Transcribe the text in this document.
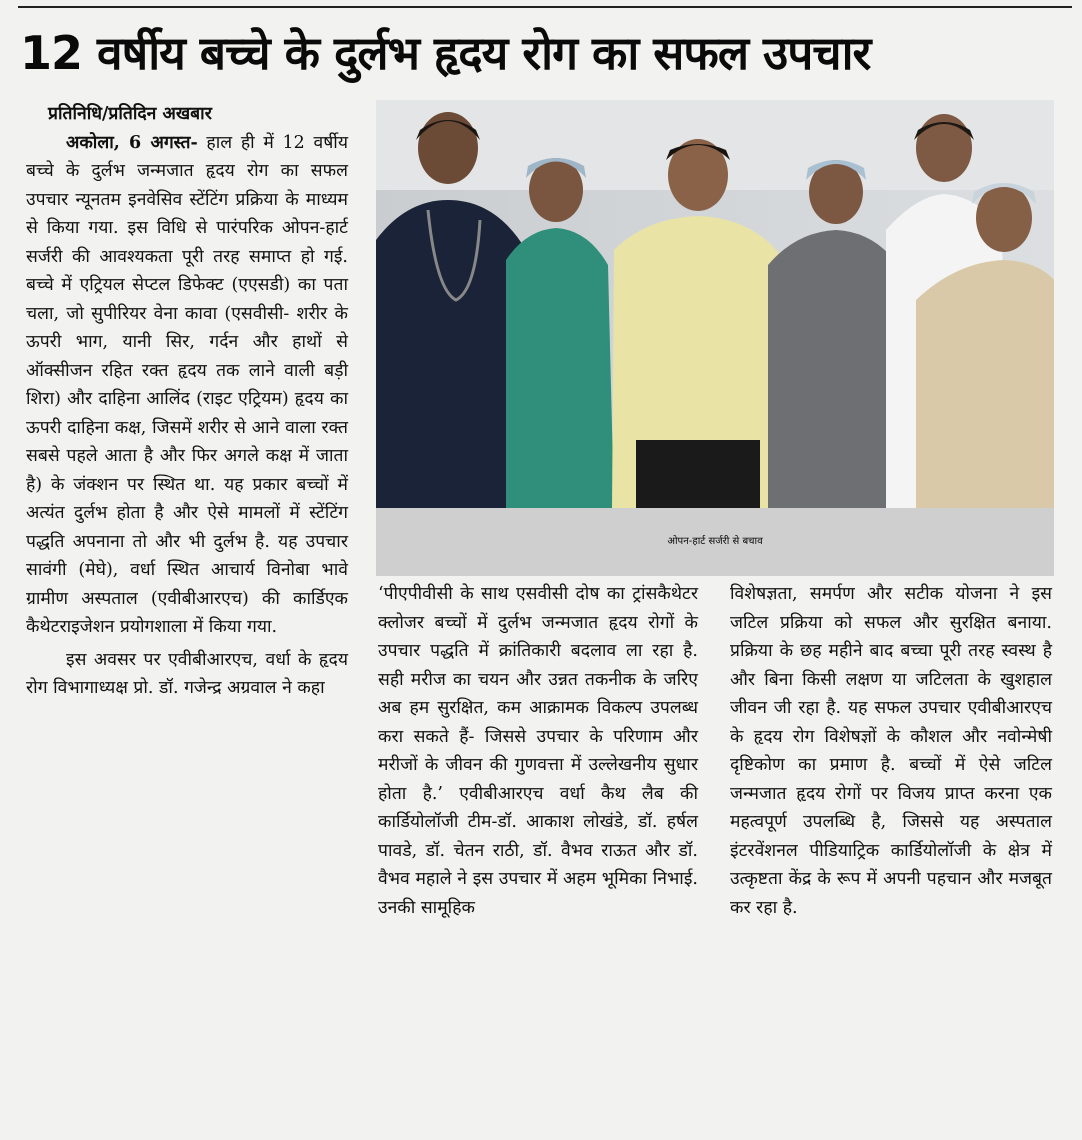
12 वर्षीय बच्चे के दुर्लभ हृदय रोग का सफल उपचार

प्रतिनिधि/प्रतिदिन अखबार

अकोला, 6 अगस्त- हाल ही में 12 वर्षीय बच्चे के दुर्लभ जन्मजात हृदय रोग का सफल उपचार न्यूनतम इनवेसिव स्टेंटिंग प्रक्रिया के माध्यम से किया गया. इस विधि से पारंपरिक ओपन-हार्ट सर्जरी की आवश्यकता पूरी तरह समाप्त हो गई. बच्चे में एट्रियल सेप्टल डिफेक्ट (एएसडी) का पता चला, जो सुपीरियर वेना कावा (एसवीसी- शरीर के ऊपरी भाग, यानी सिर, गर्दन और हाथों से ऑक्सीजन रहित रक्त हृदय तक लाने वाली बड़ी शिरा) और दाहिना आलिंद (राइट एट्रियम) हृदय का ऊपरी दाहिना कक्ष, जिसमें शरीर से आने वाला रक्त सबसे पहले आता है और फिर अगले कक्ष में जाता है) के जंक्शन पर स्थित था. यह प्रकार बच्चों में अत्यंत दुर्लभ होता है और ऐसे मामलों में स्टेंटिंग पद्धति अपनाना तो और भी दुर्लभ है. यह उपचार सावंगी (मेघे), वर्धा स्थित आचार्य विनोबा भावे ग्रामीण अस्पताल (एवीबीआरएच) की कार्डिएक कैथेटराइजेशन प्रयोगशाला में किया गया.

इस अवसर पर एवीबीआरएच, वर्धा के हृदय रोग विभागाध्यक्ष प्रो. डॉ. गजेन्द्र अग्रवाल ने कहा

ओपन-हार्ट सर्जरी से बचाव

‘पीएपीवीसी के साथ एसवीसी दोष का ट्रांसकैथेटर क्लोजर बच्चों में दुर्लभ जन्मजात हृदय रोगों के उपचार पद्धति में क्रांतिकारी बदलाव ला रहा है. सही मरीज का चयन और उन्नत तकनीक के जरिए अब हम सुरक्षित, कम आक्रामक विकल्प उपलब्ध करा सकते हैं- जिससे उपचार के परिणाम और मरीजों के जीवन की गुणवत्ता में उल्लेखनीय सुधार होता है.’ एवीबीआरएच वर्धा कैथ लैब की कार्डियोलॉजी टीम-डॉ. आकाश लोखंडे, डॉ. हर्षल पावडे, डॉ. चेतन राठी, डॉ. वैभव राऊत और डॉ. वैभव महाले ने इस उपचार में अहम भूमिका निभाई. उनकी सामूहिक

विशेषज्ञता, समर्पण और सटीक योजना ने इस जटिल प्रक्रिया को सफल और सुरक्षित बनाया. प्रक्रिया के छह महीने बाद बच्चा पूरी तरह स्वस्थ है और बिना किसी लक्षण या जटिलता के खुशहाल जीवन जी रहा है. यह सफल उपचार एवीबीआरएच के हृदय रोग विशेषज्ञों के कौशल और नवोन्मेषी दृष्टिकोण का प्रमाण है. बच्चों में ऐसे जटिल जन्मजात हृदय रोगों पर विजय प्राप्त करना एक महत्वपूर्ण उपलब्धि है, जिससे यह अस्पताल इंटरवेंशनल पीडियाट्रिक कार्डियोलॉजी के क्षेत्र में उत्कृष्टता केंद्र के रूप में अपनी पहचान और मजबूत कर रहा है.
